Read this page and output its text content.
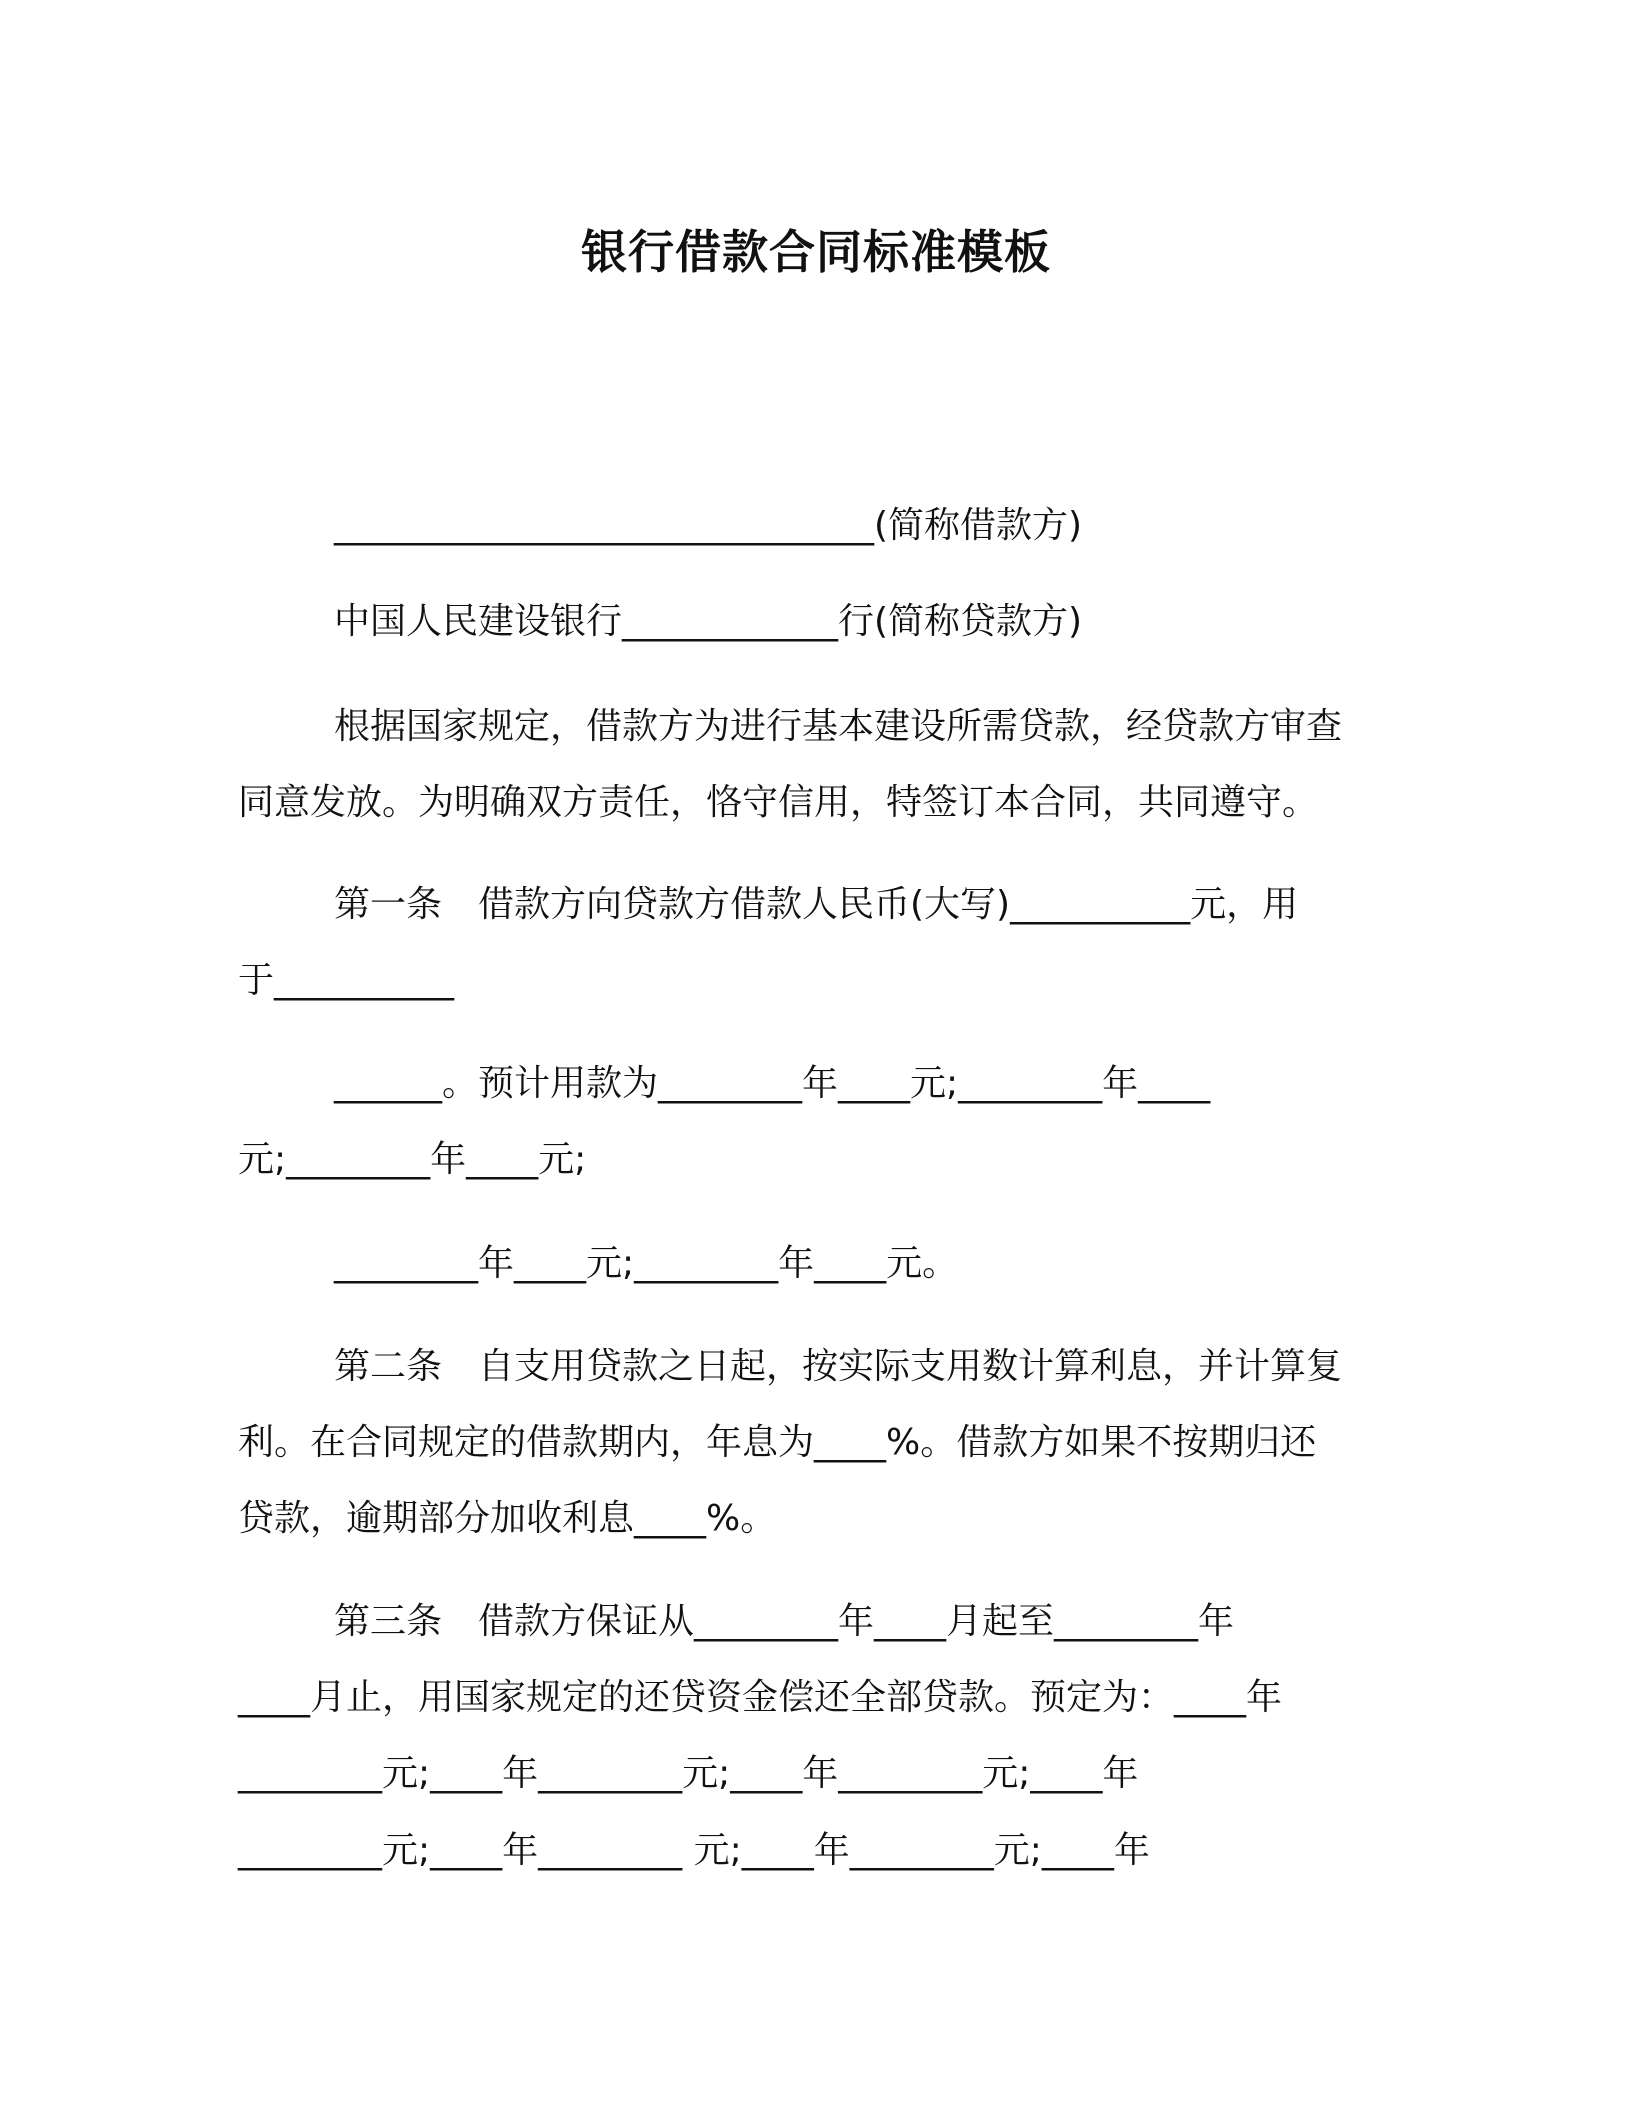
银行借款合同标准模板
______________________________(简称借款方)
中国人民建设银行____________行(简称贷款方)
根据国家规定，借款方为进行基本建设所需贷款，经贷款方审查
同意发放。为明确双方责任，恪守信用，特签订本合同，共同遵守。
第一条　借款方向贷款方借款人民币(大写)__________元，用
于__________
______。预计用款为________年____元;________年____
元;________年____元;
________年____元;________年____元。
第二条　自支用贷款之日起，按实际支用数计算利息，并计算复
利。在合同规定的借款期内，年息为____%。借款方如果不按期归还
贷款，逾期部分加收利息____%。
第三条　借款方保证从________年____月起至________年
____月止，用国家规定的还贷资金偿还全部贷款。预定为：____年
________元;____年________元;____年________元;____年
________元;____年________ 元;____年________元;____年
